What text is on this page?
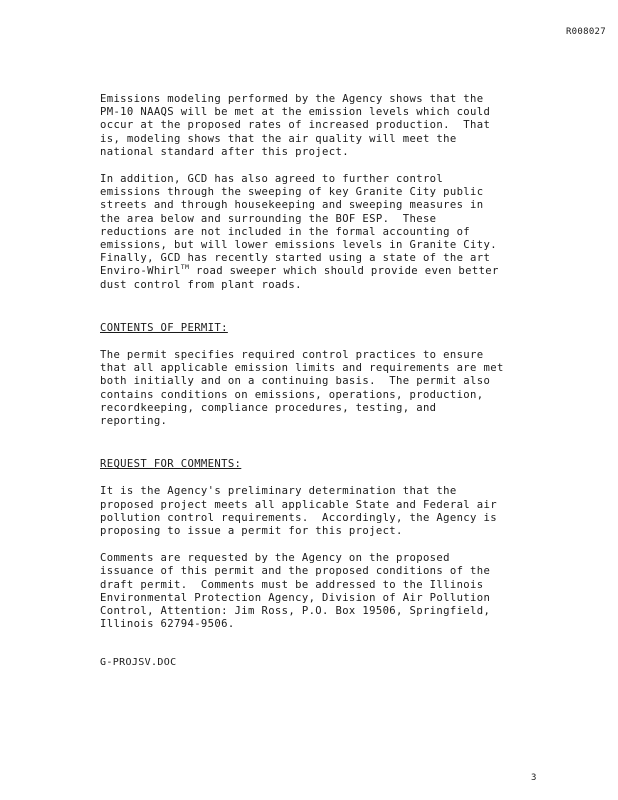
R008027
Emissions modeling performed by the Agency shows that the
PM-10 NAAQS will be met at the emission levels which could
occur at the proposed rates of increased production.  That
is, modeling shows that the air quality will meet the
national standard after this project.
In addition, GCD has also agreed to further control
emissions through the sweeping of key Granite City public
streets and through housekeeping and sweeping measures in
the area below and surrounding the BOF ESP.  These
reductions are not included in the formal accounting of
emissions, but will lower emissions levels in Granite City.
Finally, GCD has recently started using a state of the art
Enviro-Whirl™ road sweeper which should provide even better
dust control from plant roads.
CONTENTS OF PERMIT:
The permit specifies required control practices to ensure
that all applicable emission limits and requirements are met
both initially and on a continuing basis.  The permit also
contains conditions on emissions, operations, production,
recordkeeping, compliance procedures, testing, and
reporting.
REQUEST FOR COMMENTS:
It is the Agency's preliminary determination that the
proposed project meets all applicable State and Federal air
pollution control requirements.  Accordingly, the Agency is
proposing to issue a permit for this project.
Comments are requested by the Agency on the proposed
issuance of this permit and the proposed conditions of the
draft permit.  Comments must be addressed to the Illinois
Environmental Protection Agency, Division of Air Pollution
Control, Attention: Jim Ross, P.O. Box 19506, Springfield,
Illinois 62794-9506.
G-PROJSV.DOC
3
